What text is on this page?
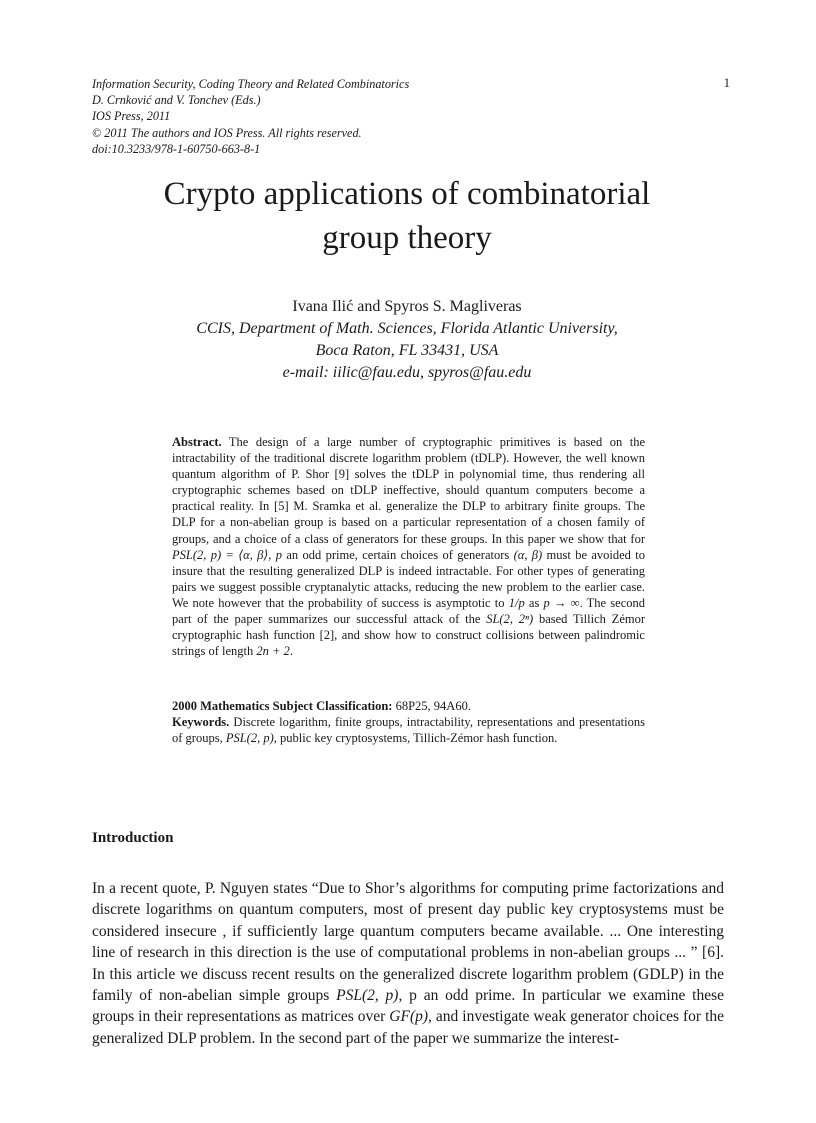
Information Security, Coding Theory and Related Combinatorics
D. Crnković and V. Tonchev (Eds.)
IOS Press, 2011
© 2011 The authors and IOS Press. All rights reserved.
doi:10.3233/978-1-60750-663-8-1
1
Crypto applications of combinatorial
group theory
Ivana Ilić and Spyros S. Magliveras
CCIS, Department of Math. Sciences, Florida Atlantic University,
Boca Raton, FL 33431, USA
e-mail: iilic@fau.edu, spyros@fau.edu
Abstract. The design of a large number of cryptographic primitives is based on the intractability of the traditional discrete logarithm problem (tDLP). However, the well known quantum algorithm of P. Shor [9] solves the tDLP in polynomial time, thus rendering all cryptographic schemes based on tDLP ineffective, should quantum computers become a practical reality. In [5] M. Sramka et al. generalize the DLP to arbitrary finite groups. The DLP for a non-abelian group is based on a particular representation of a chosen family of groups, and a choice of a class of generators for these groups. In this paper we show that for PSL(2, p) = ⟨α, β⟩, p an odd prime, certain choices of generators (α, β) must be avoided to insure that the resulting generalized DLP is indeed intractable. For other types of generating pairs we suggest possible cryptanalytic attacks, reducing the new problem to the earlier case. We note however that the probability of success is asymptotic to 1/p as p → ∞. The second part of the paper summarizes our successful attack of the SL(2, 2ⁿ) based Tillich Zémor cryptographic hash function [2], and show how to construct collisions between palindromic strings of length 2n + 2.
2000 Mathematics Subject Classification: 68P25, 94A60.
Keywords. Discrete logarithm, finite groups, intractability, representations and presentations of groups, PSL(2, p), public key cryptosystems, Tillich-Zémor hash function.
Introduction
In a recent quote, P. Nguyen states “Due to Shor’s algorithms for computing prime factorizations and discrete logarithms on quantum computers, most of present day public key cryptosystems must be considered insecure , if sufficiently large quantum computers became available. ... One interesting line of research in this direction is the use of computational problems in non-abelian groups ... ” [6]. In this article we discuss recent results on the generalized discrete logarithm problem (GDLP) in the family of non-abelian simple groups PSL(2, p), p an odd prime. In particular we examine these groups in their representations as matrices over GF(p), and investigate weak generator choices for the generalized DLP problem. In the second part of the paper we summarize the interest-
